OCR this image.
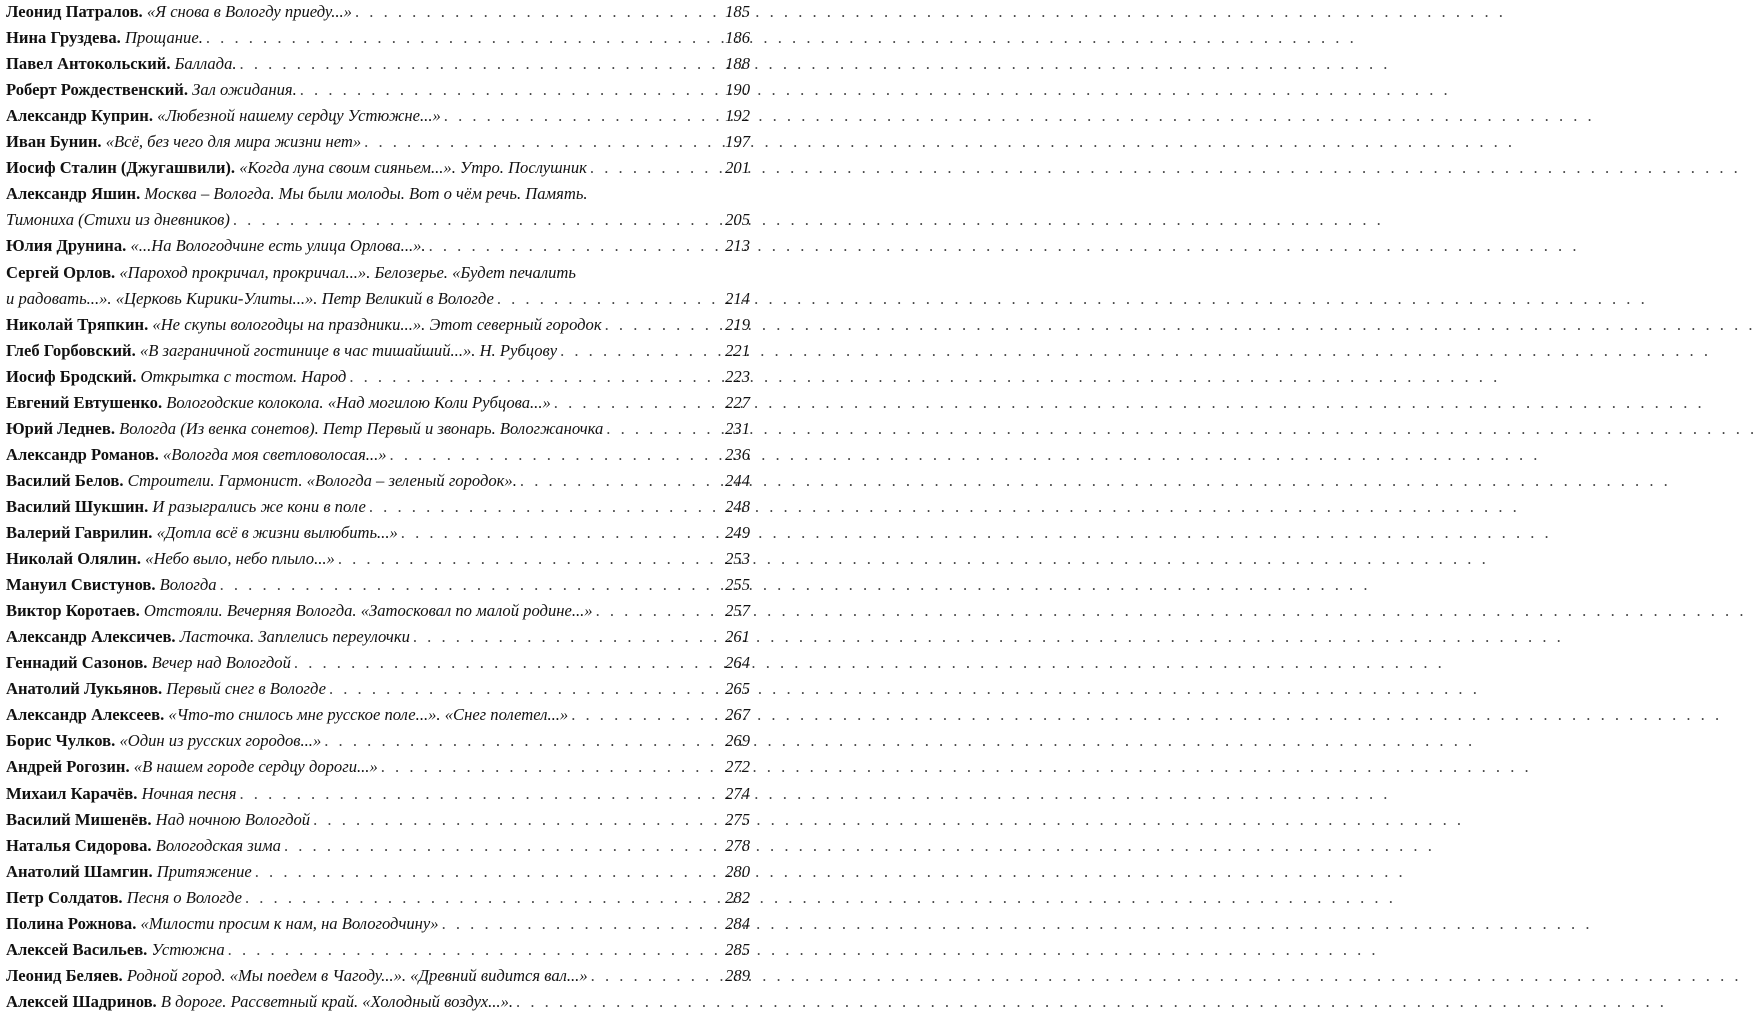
Леонид Патралов. «Я снова в Вологду приеду...» . . .	185
Нина Груздева. Прощание. . . .	186
Павел Антокольский. Баллада. . . .	188
Роберт Рождественский. Зал ожидания. . . .	190
Александр Куприн. «Любезной нашему сердцу Устюжне...» . . .	192
Иван Бунин. «Всё, без чего для мира жизни нет» . . .	197
Иосиф Сталин (Джугашвили). «Когда луна своим сияньем...». Утро. Послушник . . .	201
Александр Яшин. Москва – Вологда. Мы были молоды. Вот о чём речь. Память.
Тимониха (Стихи из дневников) . . .	205
Юлия Друнина. «...На Вологодчине есть улица Орлова...». . . .	213
Сергей Орлов. «Пароход прокричал, прокричал...». Белозерье. «Будет печалить
и радовать...». «Церковь Кирики-Улиты...». Петр Великий в Вологде . . .	214
Николай Тряпкин. «Не скупы вологодцы на праздники...». Этот северный городок . . .	219
Глеб Горбовский. «В заграничной гостинице в час тишайший...». Н. Рубцову . . .	221
Иосиф Бродский. Открытка с тостом. Народ . . .	223
Евгений Евтушенко. Вологодские колокола. «Над могилою Коли Рубцова...» . . .	227
Юрий Леднев. Вологда (Из венка сонетов). Петр Первый и звонарь. Вологжаночка . . .	231
Александр Романов. «Вологда моя светловолосая...» . . .	236
Василий Белов. Строители. Гармонист. «Вологда – зеленый городок». . . .	244
Василий Шукшин. И разыгрались же кони в поле . . .	248
Валерий Гаврилин. «Дотла всё в жизни вылюбить...» . . .	249
Николай Олялин. «Небо выло, небо плыло...» . . .	253
Мануил Свистунов. Вологда . . .	255
Виктор Коротаев. Отстояли. Вечерняя Вологда. «Затосковал по малой родине...» . . .	257
Александр Алексичев. Ласточка. Заплелись переулочки . . .	261
Геннадий Сазонов. Вечер над Вологдой . . .	264
Анатолий Лукьянов. Первый снег в Вологде . . .	265
Александр Алексеев. «Что-то снилось мне русское поле...». «Снег полетел...» . . .	267
Борис Чулков. «Один из русских городов...» . . .	269
Андрей Рогозин. «В нашем городе сердцу дороги...» . . .	272
Михаил Карачёв. Ночная песня . . .	274
Василий Мишенёв. Над ночною Вологдой . . .	275
Наталья Сидорова. Вологодская зима . . .	278
Анатолий Шамгин. Притяжение . . .	280
Петр Солдатов. Песня о Вологде . . .	282
Полина Рожнова. «Милости просим к нам, на Вологодчину» . . .	284
Алексей Васильев. Устюжна . . .	285
Леонид Беляев. Родной город. «Мы поедем в Чагоду...». «Древний видится вал...» . . .	289
Алексей Шадринов. В дороге. Рассветный край. «Холодный воздух...».
. . .
